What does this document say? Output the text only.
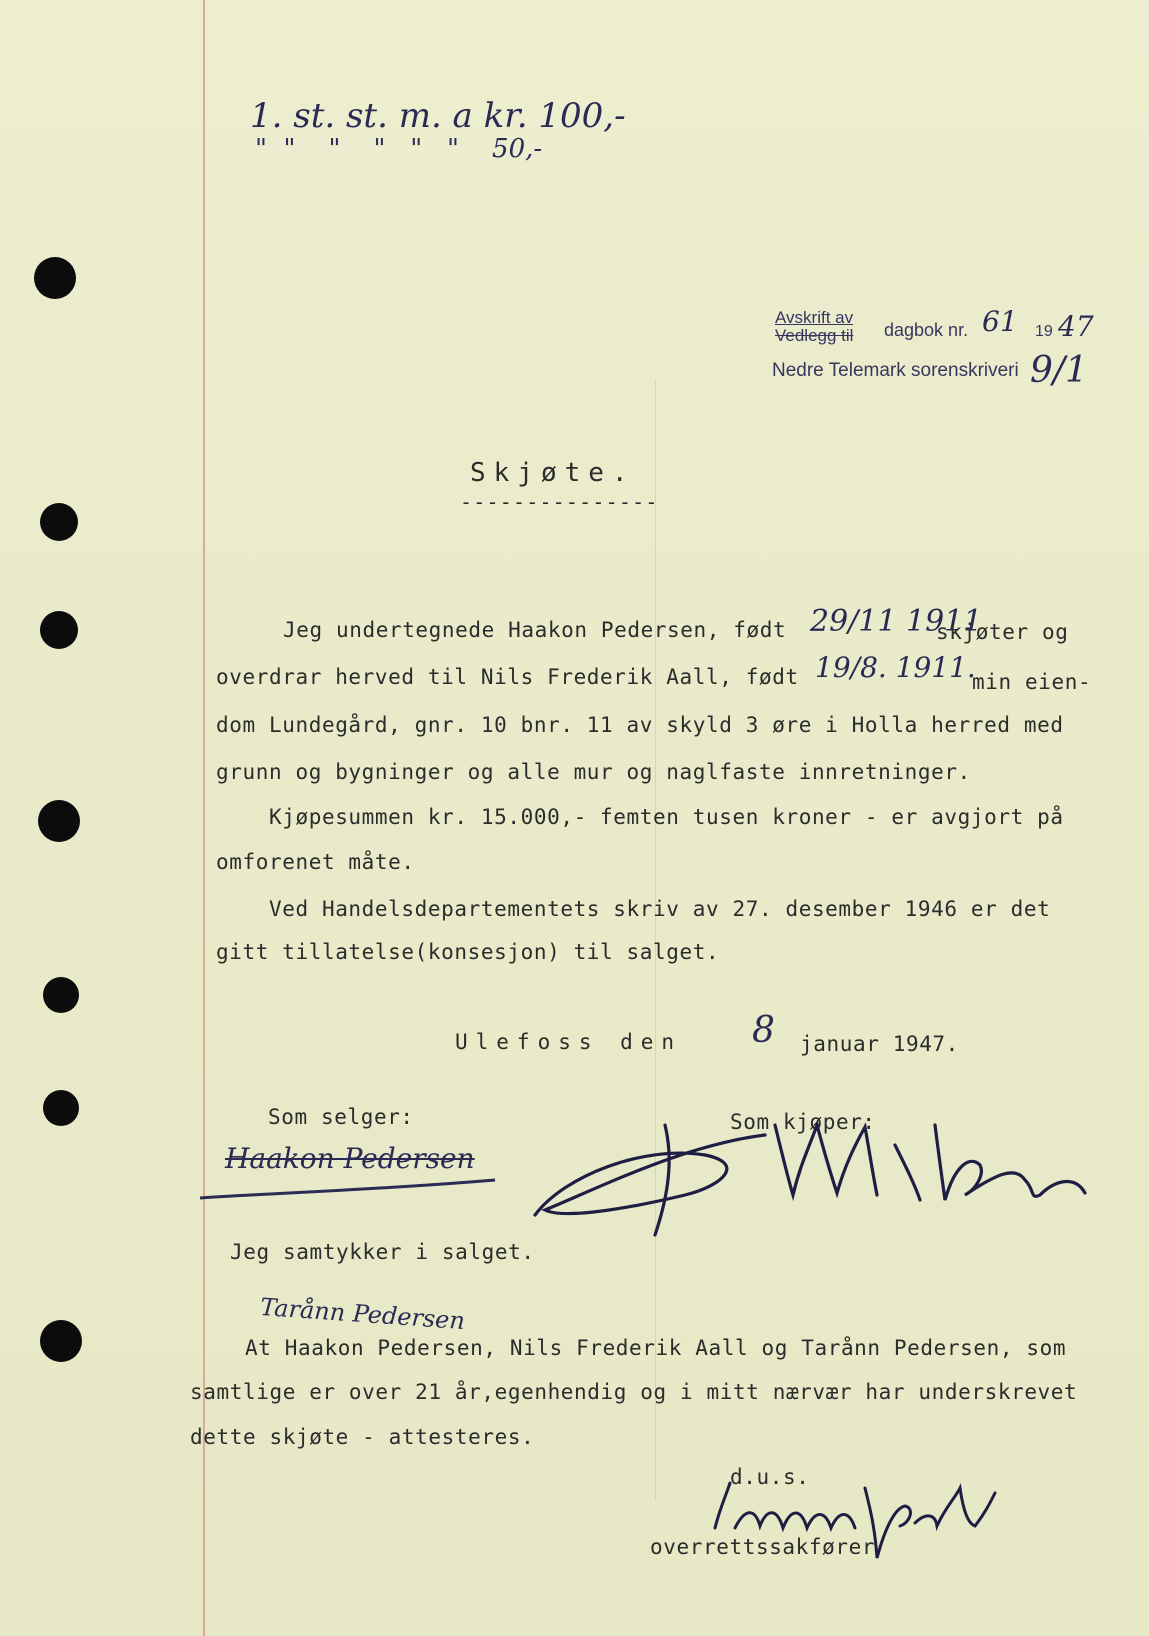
1. st. st. m. a kr. 100,-
"  "    "    "   "   "    50,-
Avskrift av
Vedlegg til dagbok nr. 61 19 47
Nedre Telemark sorenskriveri 9/1
Skjøte.
---------------
Jeg undertegnede Haakon Pedersen, født 29/11 1911
skjøter og
overdrar herved til Nils Frederik Aall, født 19/8. 1911.
min eien-
dom Lundegård, gnr. 10 bnr. 11 av skyld 3 øre i Holla herred med
grunn og bygninger og alle mur og naglfaste innretninger.
Kjøpesummen kr. 15.000,- femten tusen kroner - er avgjort på
omforenet måte.
Ved Handelsdepartementets skriv av 27. desember 1946 er det
gitt tillatelse(konsesjon) til salget.
Ulefoss den 8 januar 1947.
Som selger:	Som kjøper:
Haakon Pedersen
Jeg samtykker i salget.
Tarånn Pedersen
At Haakon Pedersen, Nils Frederik Aall og Tarånn Pedersen, som
samtlige er over 21 år,egenhendig og i mitt nærvær har underskrevet
dette skjøte - attesteres.
d.u.s.
overrettssakfører
